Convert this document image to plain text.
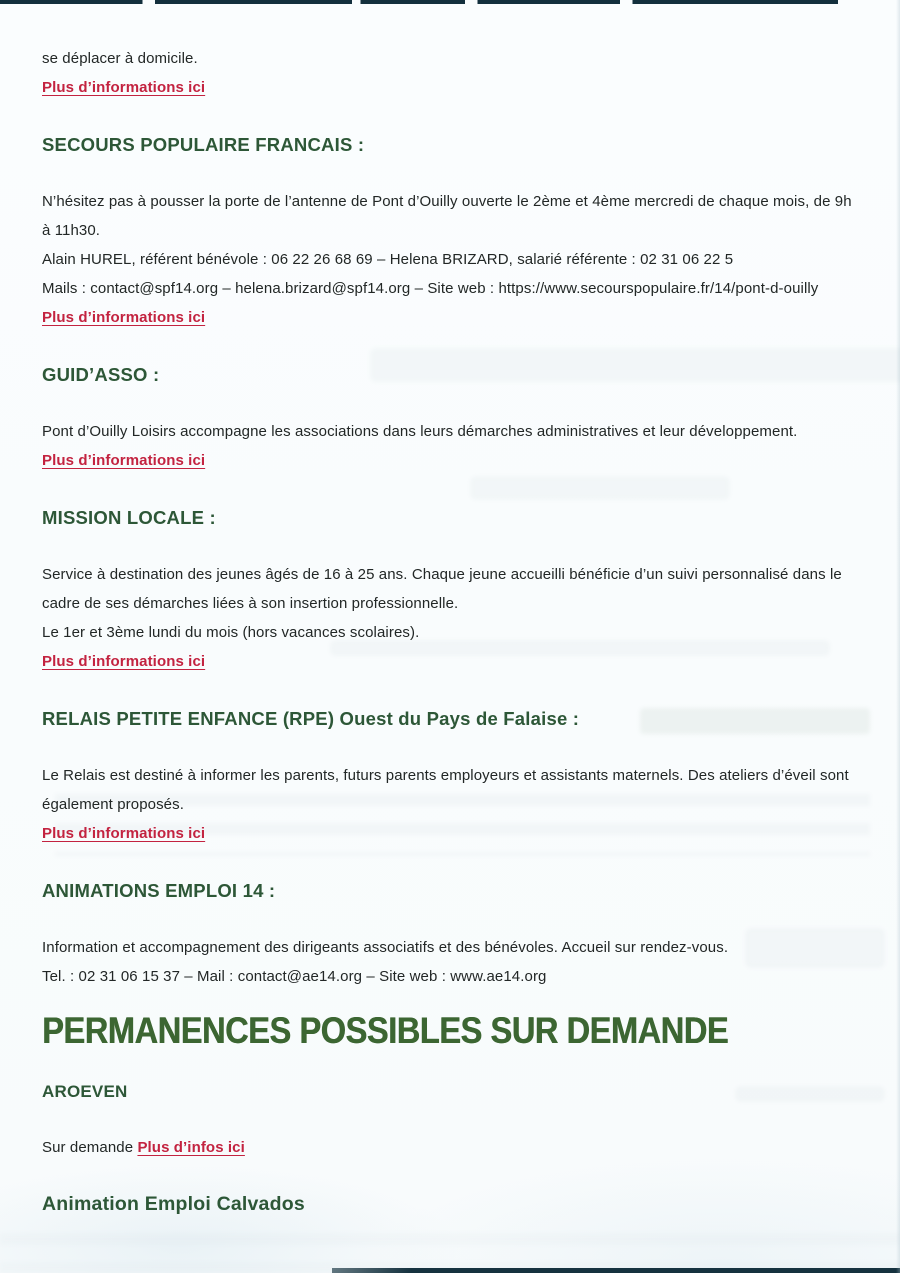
se déplacer à domicile.

Plus d’informations ici

SECOURS POPULAIRE FRANCAIS :

N’hésitez pas à pousser la porte de l’antenne de Pont d’Ouilly ouverte le 2ème et 4ème mercredi de chaque mois, de 9h à 11h30.

Alain HUREL, référent bénévole : 06 22 26 68 69 – Helena BRIZARD, salarié référente : 02 31 06 22 5

Mails : contact@spf14.org – helena.brizard@spf14.org – Site web : https://www.secourspopulaire.fr/14/pont-d-ouilly

Plus d’informations ici

GUID’ASSO :

Pont d’Ouilly Loisirs accompagne les associations dans leurs démarches administratives et leur développement.

Plus d’informations ici

MISSION LOCALE :

Service à destination des jeunes âgés de 16 à 25 ans. Chaque jeune accueilli bénéficie d’un suivi personnalisé dans le cadre de ses démarches liées à son insertion professionnelle.

Le 1er et 3ème lundi du mois (hors vacances scolaires).

Plus d’informations ici

RELAIS PETITE ENFANCE (RPE) Ouest du Pays de Falaise :

Le Relais est destiné à informer les parents, futurs parents employeurs et assistants maternels. Des ateliers d’éveil sont également proposés.

Plus d’informations ici

ANIMATIONS EMPLOI 14 :

Information et accompagnement des dirigeants associatifs et des bénévoles. Accueil sur rendez-vous.

Tel. : 02 31 06 15 37 – Mail : contact@ae14.org – Site web : www.ae14.org

PERMANENCES POSSIBLES SUR DEMANDE
AROEVEN

Sur demande Plus d’infos ici

Animation Emploi Calvados
